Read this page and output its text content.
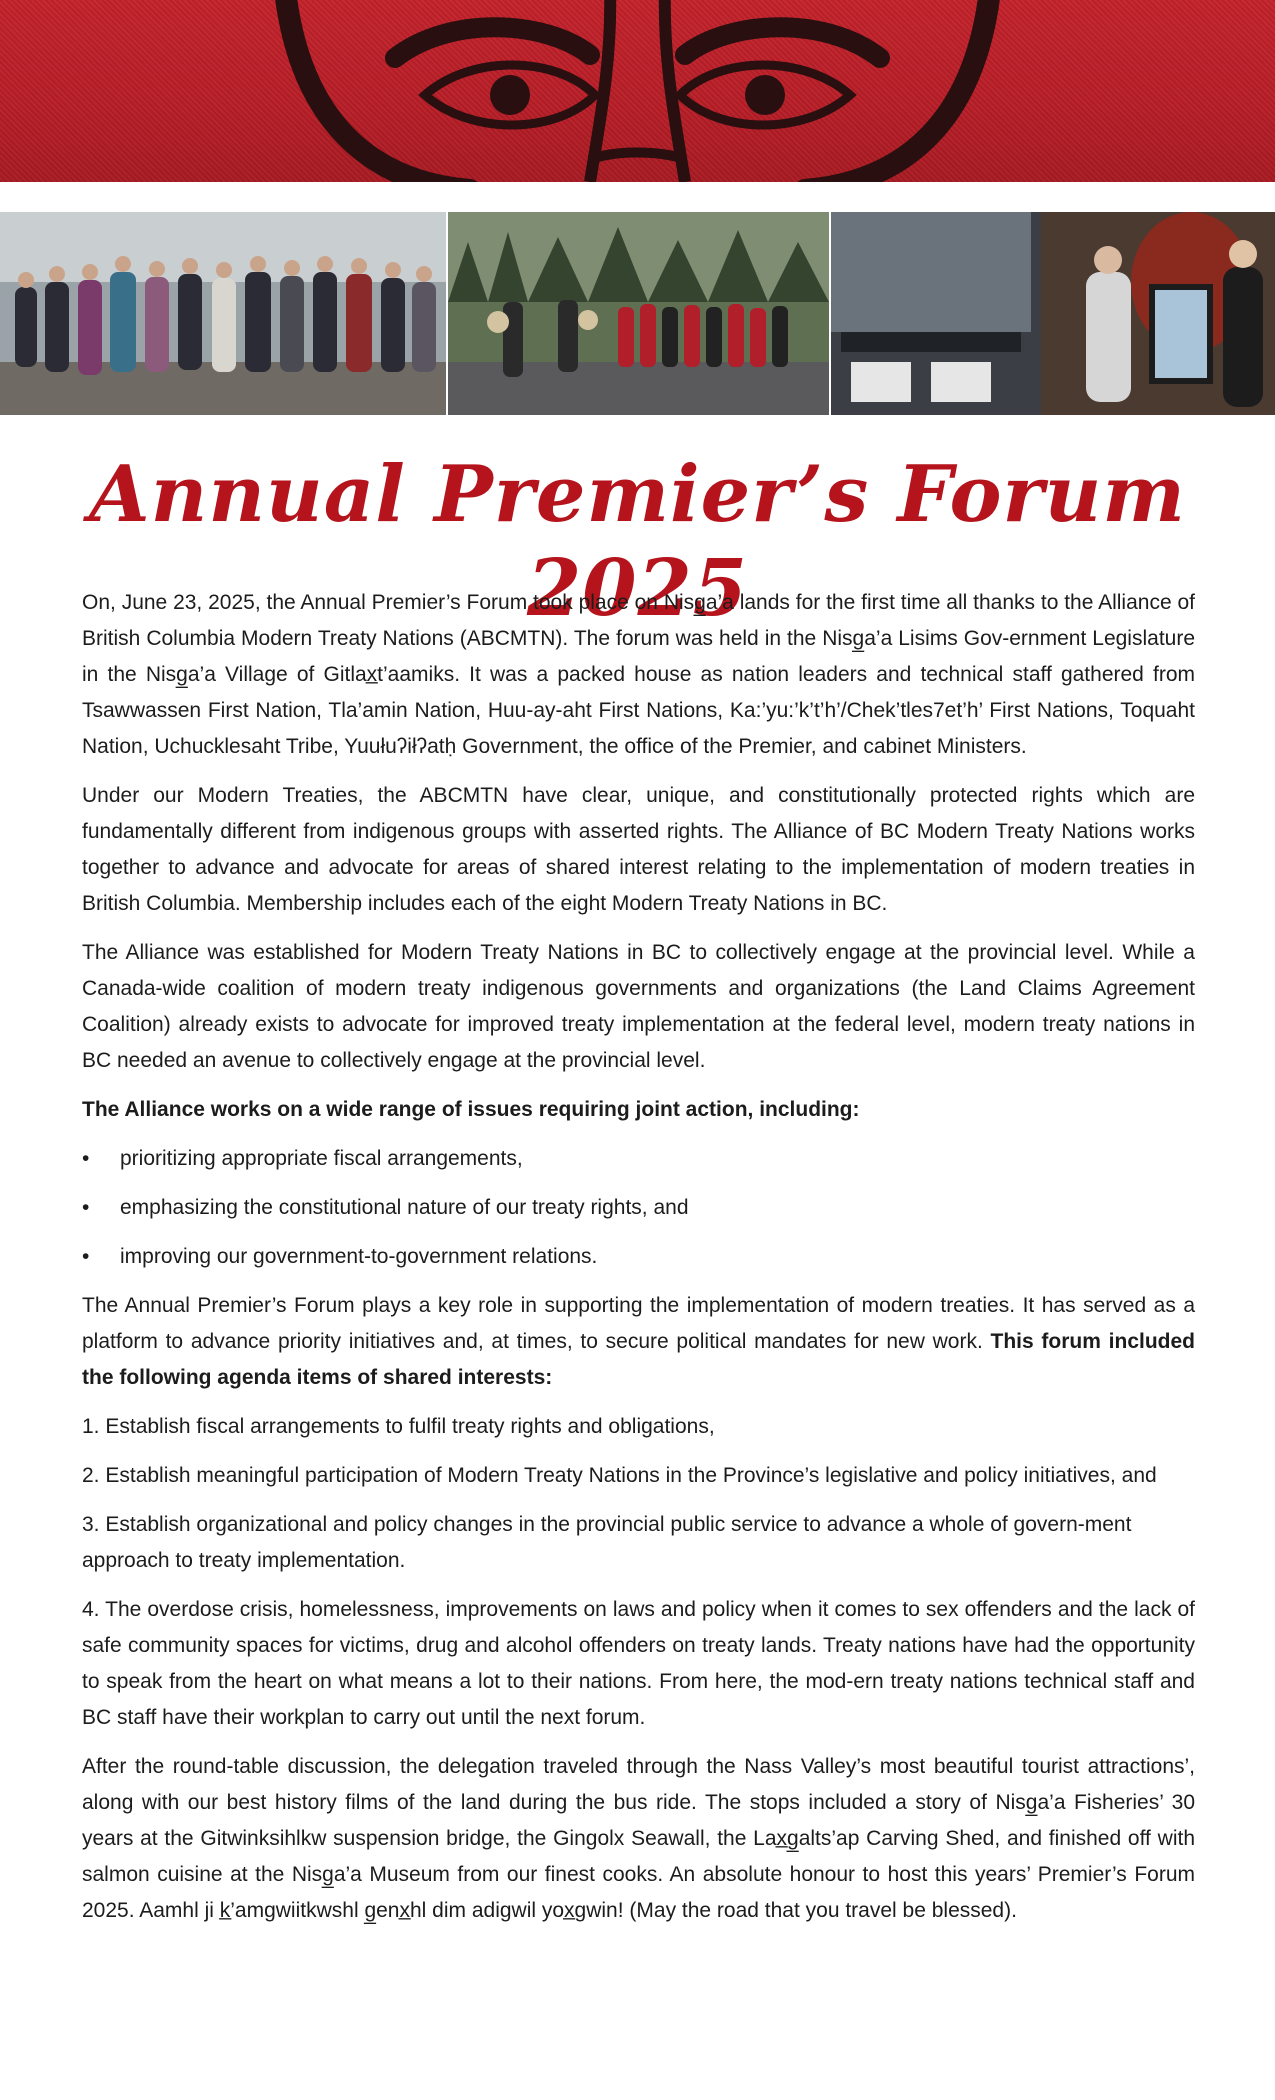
Annual Premier’s Forum 2025

On, June 23, 2025, the Annual Premier’s Forum took place on Nisg̲a’a lands for the first time all thanks to the Alliance of British Columbia Modern Treaty Nations (ABCMTN). The forum was held in the Nisg̲a’a Lisims Gov-ernment Legislature in the Nisg̲a’a Village of Gitlax̲t’aamiks. It was a packed house as nation leaders and technical staff gathered from Tsawwassen First Nation, Tla’amin Nation, Huu-ay-aht First Nations, Ka:’yu:’k’t’h’/Chek’tles7et’h’ First Nations, Toquaht Nation, Uchucklesaht Tribe, Yuułuʔiłʔatḥ Government, the office of the Premier, and cabinet Ministers.

Under our Modern Treaties, the ABCMTN have clear, unique, and constitutionally protected rights which are fundamentally different from indigenous groups with asserted rights. The Alliance of BC Modern Treaty Nations works together to advance and advocate for areas of shared interest relating to the implementation of modern treaties in British Columbia. Membership includes each of the eight Modern Treaty Nations in BC.

The Alliance was established for Modern Treaty Nations in BC to collectively engage at the provincial level. While a Canada-wide coalition of modern treaty indigenous governments and organizations (the Land Claims Agreement Coalition) already exists to advocate for improved treaty implementation at the federal level, modern treaty nations in BC needed an avenue to collectively engage at the provincial level.

The Alliance works on a wide range of issues requiring joint action, including:

• prioritizing appropriate fiscal arrangements,
• emphasizing the constitutional nature of our treaty rights, and
• improving our government-to-government relations.

The Annual Premier’s Forum plays a key role in supporting the implementation of modern treaties. It has served as a platform to advance priority initiatives and, at times, to secure political mandates for new work. This forum included the following agenda items of shared interests:

1. Establish fiscal arrangements to fulfil treaty rights and obligations,

2. Establish meaningful participation of Modern Treaty Nations in the Province’s legislative and policy initiatives, and

3. Establish organizational and policy changes in the provincial public service to advance a whole of govern-ment approach to treaty implementation.

4. The overdose crisis, homelessness, improvements on laws and policy when it comes to sex offenders and the lack of safe community spaces for victims, drug and alcohol offenders on treaty lands. Treaty nations have had the opportunity to speak from the heart on what means a lot to their nations. From here, the mod-ern treaty nations technical staff and BC staff have their workplan to carry out until the next forum.

After the round-table discussion, the delegation traveled through the Nass Valley’s most beautiful tourist attractions’, along with our best history films of the land during the bus ride. The stops included a story of Nisg̲a’a Fisheries’ 30 years at the Gitwinksihlkw suspension bridge, the Gingolx Seawall, the Lax̲g̲alts’ap Carving Shed, and finished off with salmon cuisine at the Nisg̲a’a Museum from our finest cooks. An absolute honour to host this years’ Premier’s Forum 2025. Aamhl ji k̲’amgwiitkwshl g̲enx̲hl dim adigwil yox̲gwin! (May the road that you travel be blessed).
